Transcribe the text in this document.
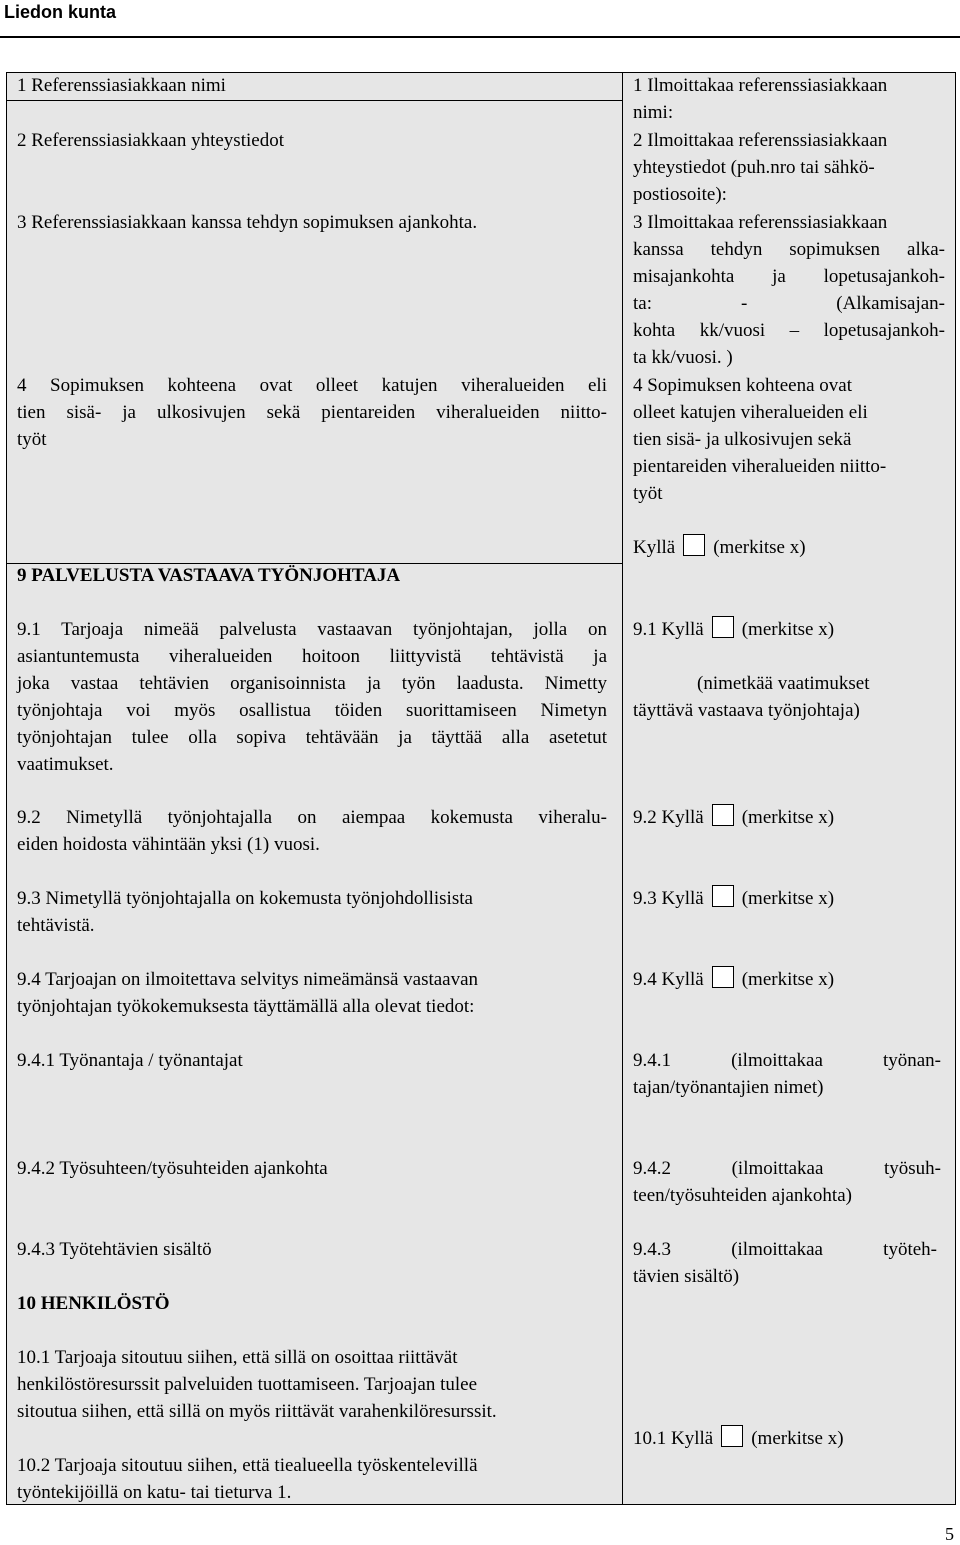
Liedon kunta
1 Referenssiasiakkaan nimi
2 Referenssiasiakkaan yhteystiedot
3 Referenssiasiakkaan kanssa tehdyn sopimuksen ajankohta.
4 Sopimuksen kohteena ovat olleet katujen viheralueiden eli
tien sisä- ja ulkosivujen sekä pientareiden viheralueiden niitto-
työt
9 PALVELUSTA VASTAAVA TYÖNJOHTAJA
9.1 Tarjoaja nimeää palvelusta vastaavan työnjohtajan, jolla on
asiantuntemusta viheralueiden hoitoon liittyvistä tehtävistä ja
joka vastaa tehtävien organisoinnista ja työn laadusta. Nimetty
työnjohtaja voi myös osallistua töiden suorittamiseen Nimetyn
työnjohtajan tulee olla sopiva tehtävään ja täyttää alla asetetut
vaatimukset.
9.2 Nimetyllä työnjohtajalla on aiempaa kokemusta viheralu-
eiden hoidosta vähintään yksi (1) vuosi.
9.3 Nimetyllä työnjohtajalla on kokemusta työnjohdollisista
tehtävistä.
9.4 Tarjoajan on ilmoitettava selvitys nimeämänsä vastaavan
työnjohtajan työkokemuksesta täyttämällä alla olevat tiedot:
9.4.1 Työnantaja / työnantajat
9.4.2 Työsuhteen/työsuhteiden ajankohta
9.4.3 Työtehtävien sisältö
10 HENKILÖSTÖ
10.1 Tarjoaja sitoutuu siihen, että sillä on osoittaa riittävät
henkilöstöresurssit palveluiden tuottamiseen. Tarjoajan tulee
sitoutua siihen, että sillä on myös riittävät varahenkilöresurssit.
10.2 Tarjoaja sitoutuu siihen, että tiealueella työskentelevillä
työntekijöillä on katu- tai tieturva 1.
1 Ilmoittakaa referenssiasiakkaan
nimi:
2 Ilmoittakaa referenssiasiakkaan
yhteystiedot (puh.nro tai sähkö-
postiosoite):
3 Ilmoittakaa referenssiasiakkaan
kanssa tehdyn sopimuksen alka-
misajankohta ja lopetusajankoh-
ta: - (Alkamisajan-
kohta kk/vuosi – lopetusajankoh-
ta kk/vuosi. )
4 Sopimuksen kohteena ovat
olleet katujen viheralueiden eli
tien sisä- ja ulkosivujen sekä
pientareiden viheralueiden niitto-
työt
Kyllä (merkitse x)
9.1 Kyllä (merkitse x)
(nimetkää vaatimukset
täyttävä vastaava työnjohtaja)
9.2 Kyllä (merkitse x)
9.3 Kyllä (merkitse x)
9.4 Kyllä (merkitse x)
9.4.1 (ilmoittakaa työnan-
tajan/työnantajien nimet)
9.4.2 (ilmoittakaa työsuh-
teen/työsuhteiden ajankohta)
9.4.3 (ilmoittakaa työteh-
tävien sisältö)
10.1 Kyllä (merkitse x)
5
